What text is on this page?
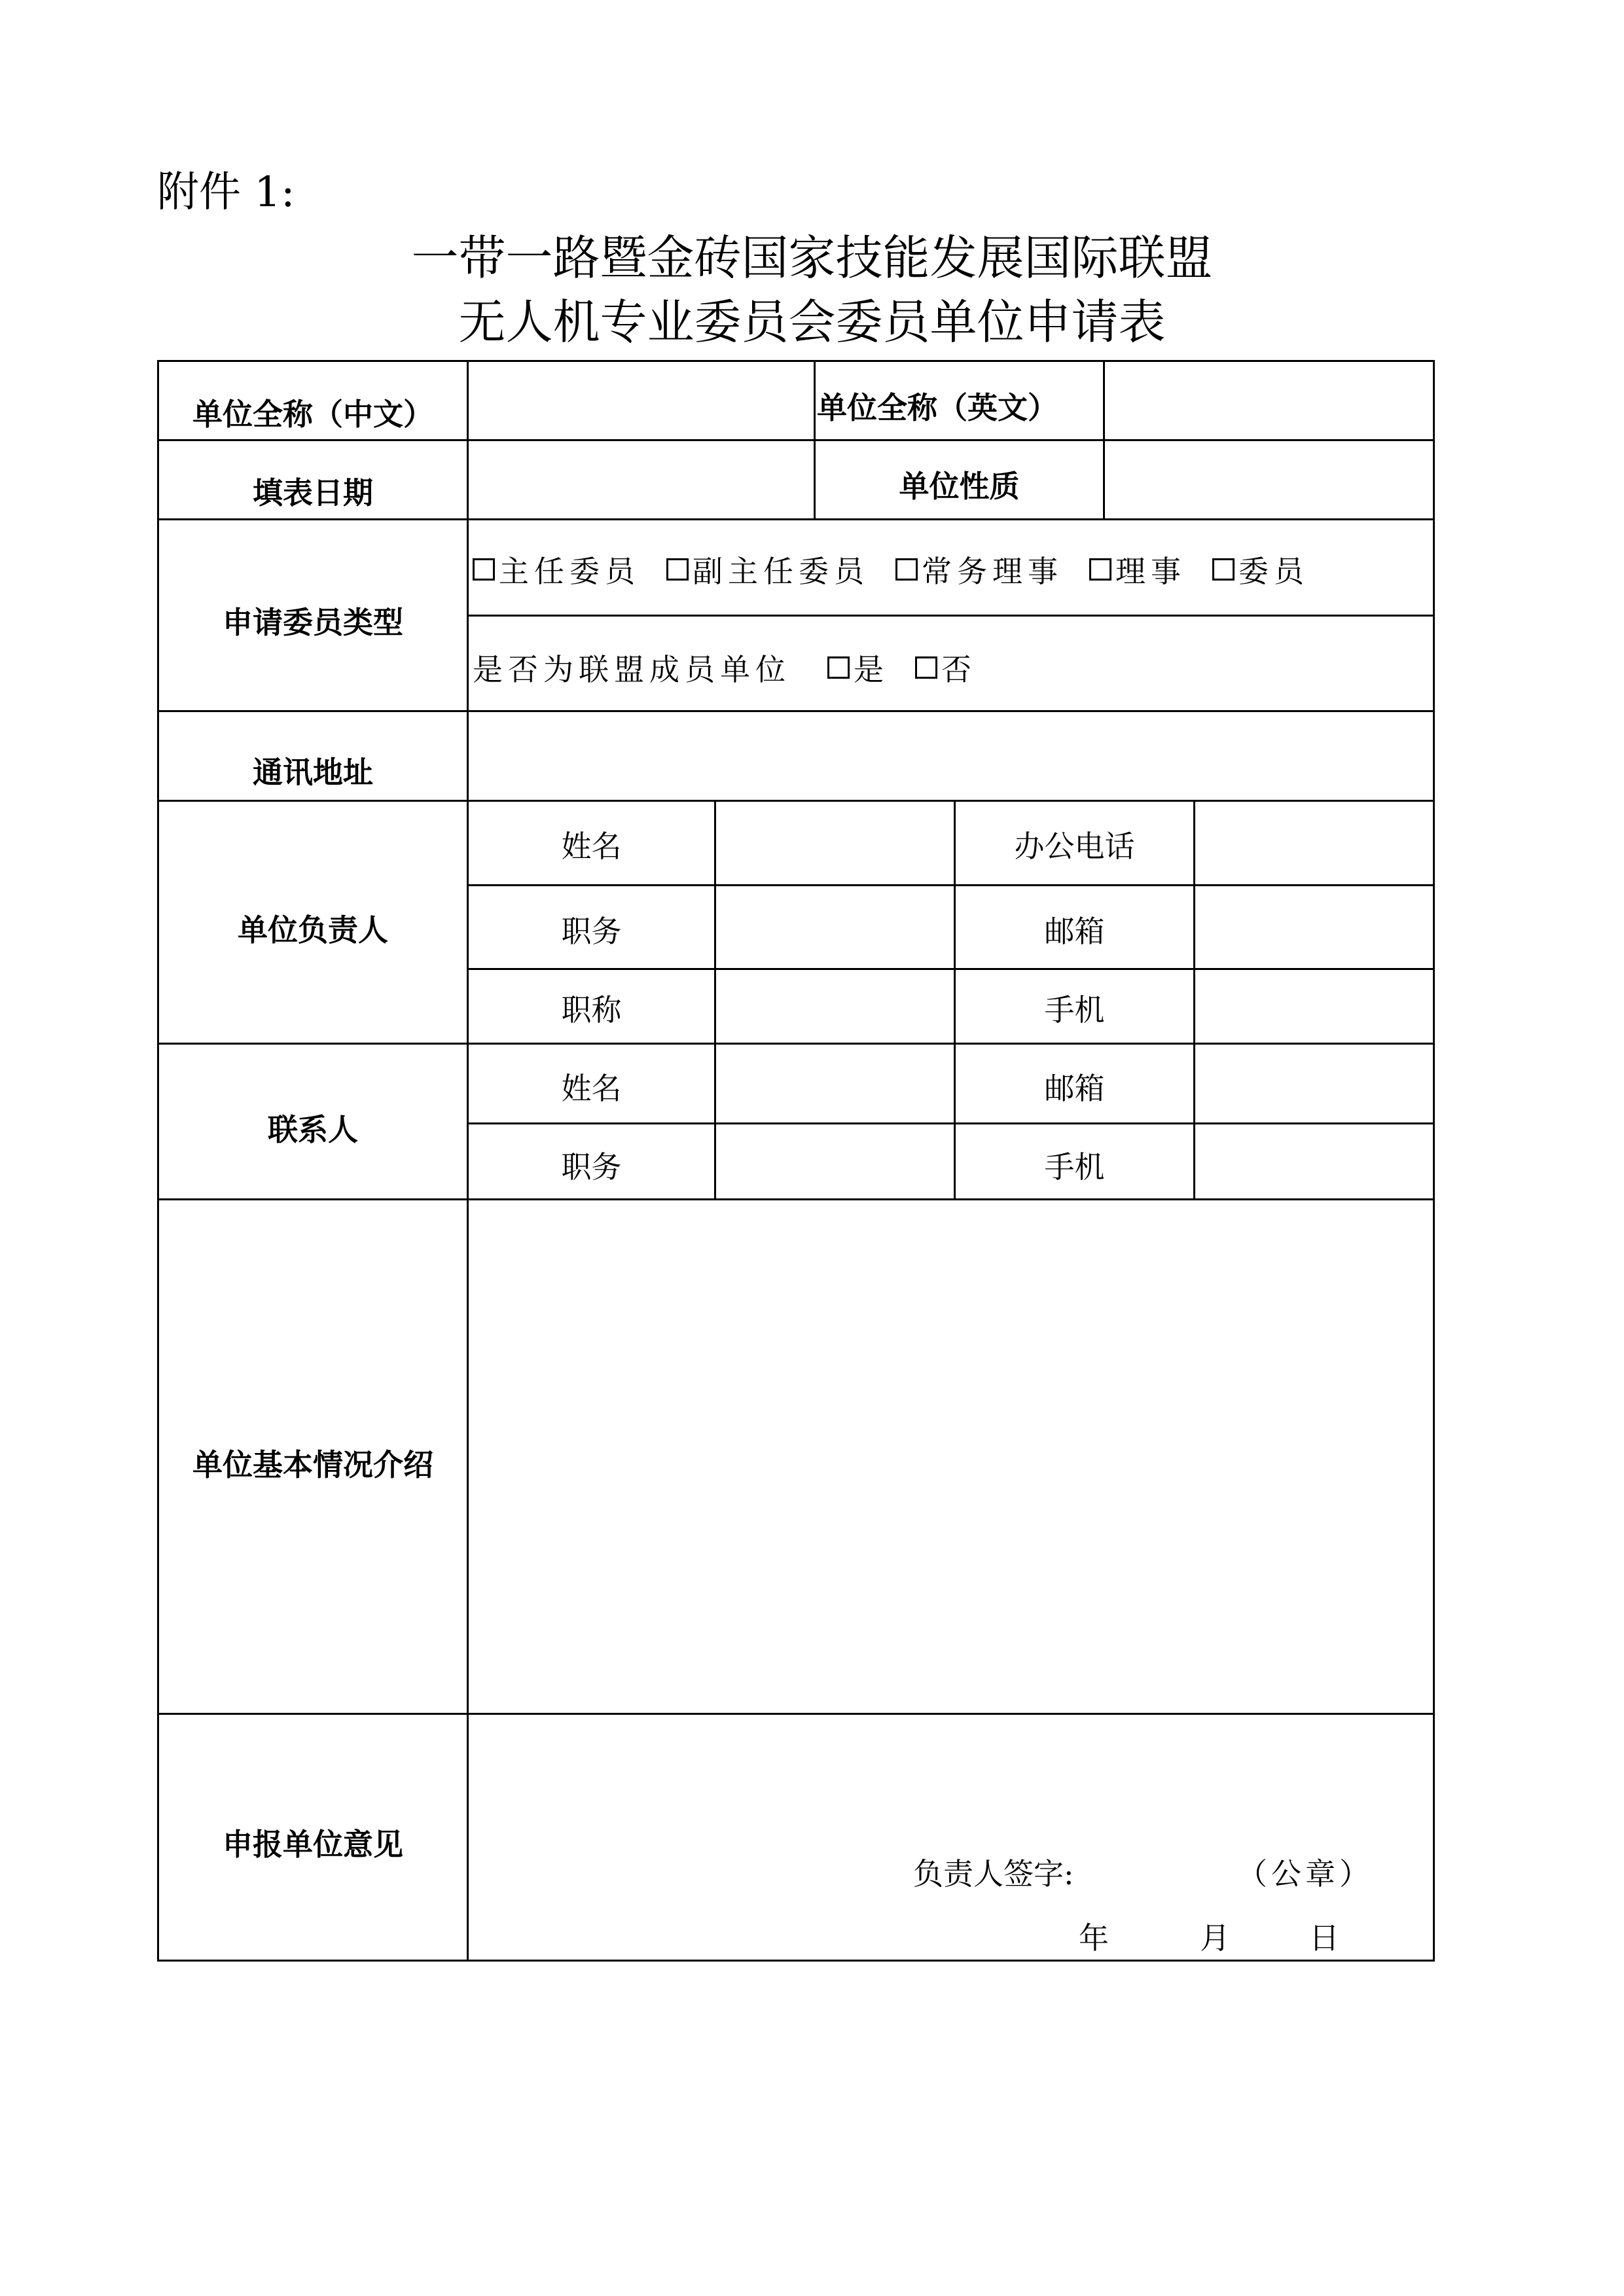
附件 1:
一带一路暨金砖国家技能发展国际联盟
无人机专业委员会委员单位申请表
单位全称（中文）	单位全称（英文）
填表日期	单位性质
申请委员类型
主任委员 副主任委员 常务理事 理事 委员
是否为联盟成员单位 是 否
通讯地址
单位负责人
姓名	办公电话
职务	邮箱
职称	手机
联系人
姓名	邮箱
职务	手机
单位基本情况介绍
申报单位意见
负责人签字:	（公章）
年	月	日
